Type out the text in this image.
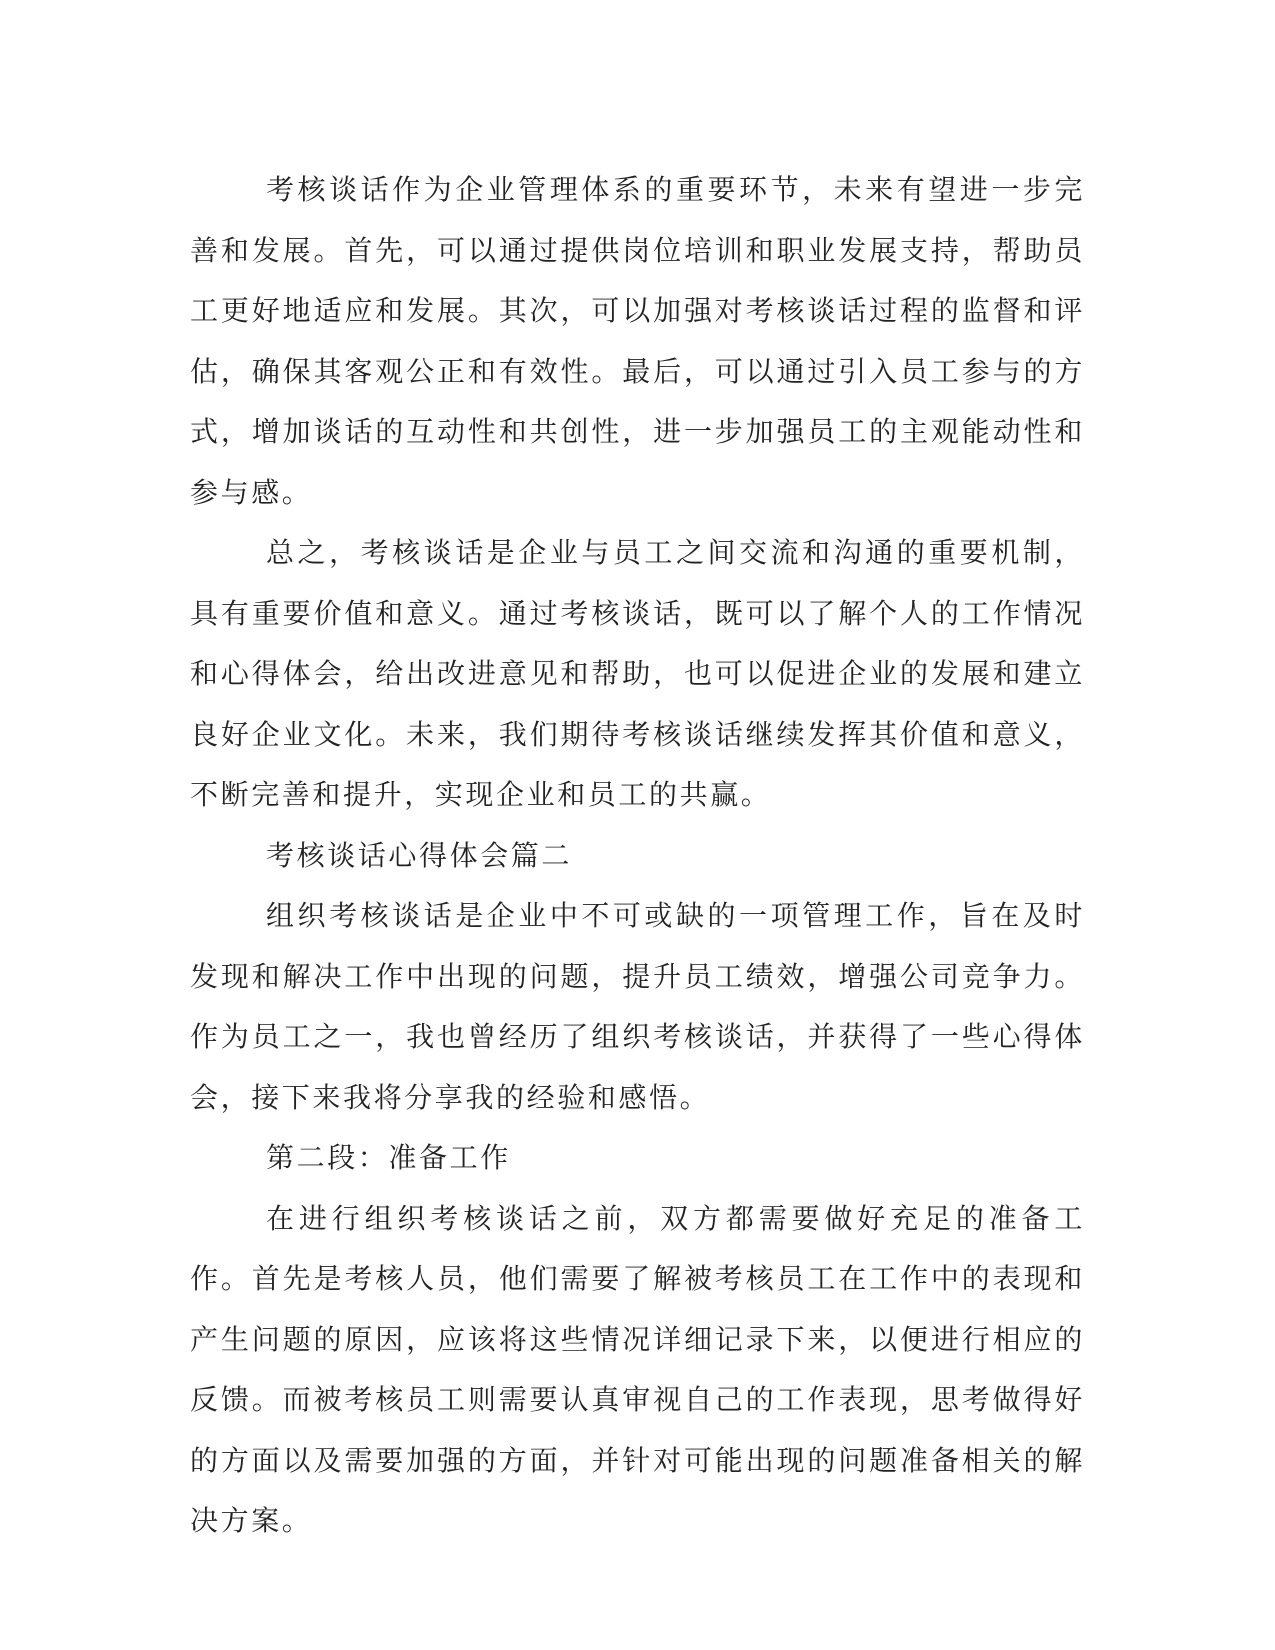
考核谈话作为企业管理体系的重要环节，未来有望进一步完善和发展。首先，可以通过提供岗位培训和职业发展支持，帮助员工更好地适应和发展。其次，可以加强对考核谈话过程的监督和评估，确保其客观公正和有效性。最后，可以通过引入员工参与的方式，增加谈话的互动性和共创性，进一步加强员工的主观能动性和参与感。

总之，考核谈话是企业与员工之间交流和沟通的重要机制，具有重要价值和意义。通过考核谈话，既可以了解个人的工作情况和心得体会，给出改进意见和帮助，也可以促进企业的发展和建立良好企业文化。未来，我们期待考核谈话继续发挥其价值和意义，不断完善和提升，实现企业和员工的共赢。

考核谈话心得体会篇二

组织考核谈话是企业中不可或缺的一项管理工作，旨在及时发现和解决工作中出现的问题，提升员工绩效，增强公司竞争力。作为员工之一，我也曾经历了组织考核谈话，并获得了一些心得体会，接下来我将分享我的经验和感悟。

第二段：准备工作

在进行组织考核谈话之前，双方都需要做好充足的准备工作。首先是考核人员，他们需要了解被考核员工在工作中的表现和产生问题的原因，应该将这些情况详细记录下来，以便进行相应的反馈。而被考核员工则需要认真审视自己的工作表现，思考做得好的方面以及需要加强的方面，并针对可能出现的问题准备相关的解决方案。
